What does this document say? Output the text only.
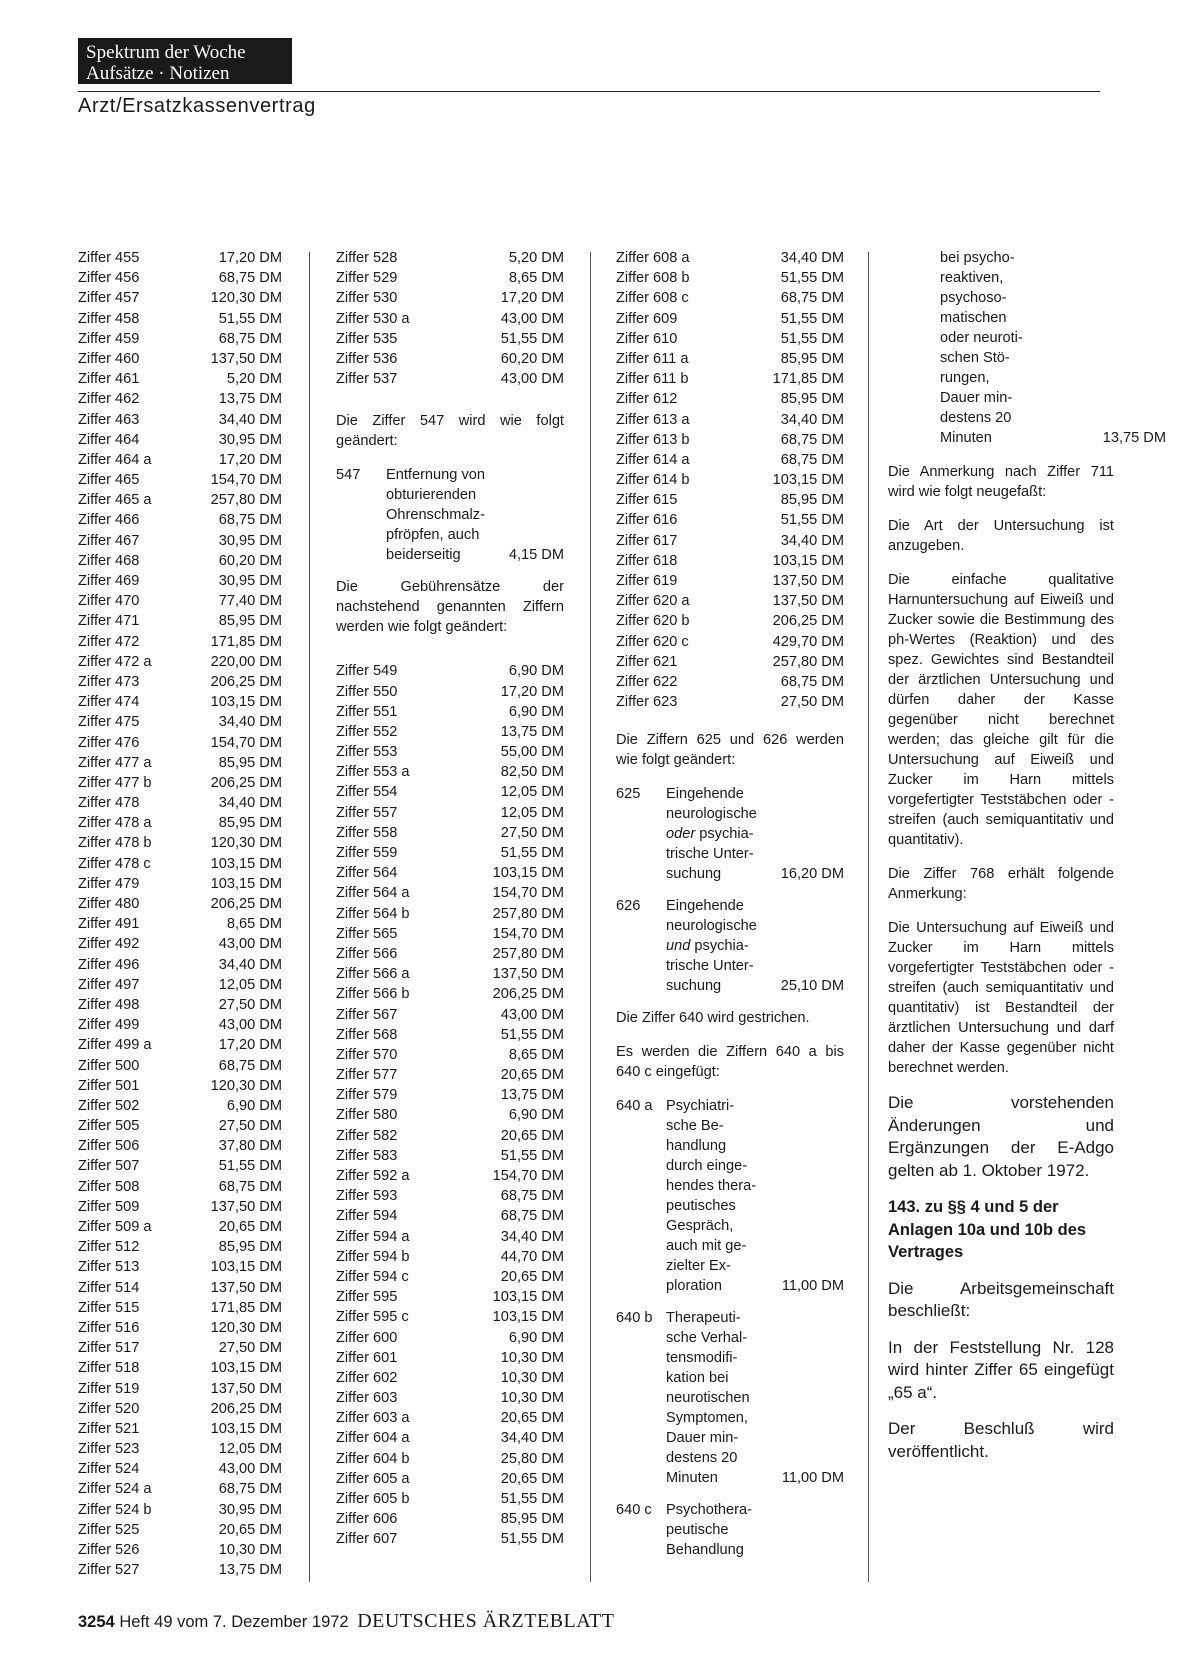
Spektrum der Woche
Aufsätze · Notizen
Arzt/Ersatzkassenvertrag
Ziffer 455	17,20 DM
Ziffer 456	68,75 DM
Ziffer 457	120,30 DM
Ziffer 458	51,55 DM
Ziffer 459	68,75 DM
Ziffer 460	137,50 DM
Ziffer 461	5,20 DM
Ziffer 462	13,75 DM
Ziffer 463	34,40 DM
Ziffer 464	30,95 DM
Ziffer 464 a	17,20 DM
Ziffer 465	154,70 DM
Ziffer 465 a	257,80 DM
Ziffer 466	68,75 DM
Ziffer 467	30,95 DM
Ziffer 468	60,20 DM
Ziffer 469	30,95 DM
Ziffer 470	77,40 DM
Ziffer 471	85,95 DM
Ziffer 472	171,85 DM
Ziffer 472 a	220,00 DM
Ziffer 473	206,25 DM
Ziffer 474	103,15 DM
Ziffer 475	34,40 DM
Ziffer 476	154,70 DM
Ziffer 477 a	85,95 DM
Ziffer 477 b	206,25 DM
Ziffer 478	34,40 DM
Ziffer 478 a	85,95 DM
Ziffer 478 b	120,30 DM
Ziffer 478 c	103,15 DM
Ziffer 479	103,15 DM
Ziffer 480	206,25 DM
Ziffer 491	8,65 DM
Ziffer 492	43,00 DM
Ziffer 496	34,40 DM
Ziffer 497	12,05 DM
Ziffer 498	27,50 DM
Ziffer 499	43,00 DM
Ziffer 499 a	17,20 DM
Ziffer 500	68,75 DM
Ziffer 501	120,30 DM
Ziffer 502	6,90 DM
Ziffer 505	27,50 DM
Ziffer 506	37,80 DM
Ziffer 507	51,55 DM
Ziffer 508	68,75 DM
Ziffer 509	137,50 DM
Ziffer 509 a	20,65 DM
Ziffer 512	85,95 DM
Ziffer 513	103,15 DM
Ziffer 514	137,50 DM
Ziffer 515	171,85 DM
Ziffer 516	120,30 DM
Ziffer 517	27,50 DM
Ziffer 518	103,15 DM
Ziffer 519	137,50 DM
Ziffer 520	206,25 DM
Ziffer 521	103,15 DM
Ziffer 523	12,05 DM
Ziffer 524	43,00 DM
Ziffer 524 a	68,75 DM
Ziffer 524 b	30,95 DM
Ziffer 525	20,65 DM
Ziffer 526	10,30 DM
Ziffer 527	13,75 DM
Ziffer 528	5,20 DM
Ziffer 529	8,65 DM
Ziffer 530	17,20 DM
Ziffer 530 a	43,00 DM
Ziffer 535	51,55 DM
Ziffer 536	60,20 DM
Ziffer 537	43,00 DM

Die Ziffer 547 wird wie folgt geändert:

547	Entfernung von
obturierenden
Ohrenschmalz-
pfröpfen, auch
beiderseitig	4,15 DM

Die Gebührensätze der nachstehend genannten Ziffern werden wie folgt geändert:

Ziffer 549	6,90 DM
Ziffer 550	17,20 DM
Ziffer 551	6,90 DM
Ziffer 552	13,75 DM
Ziffer 553	55,00 DM
Ziffer 553 a	82,50 DM
Ziffer 554	12,05 DM
Ziffer 557	12,05 DM
Ziffer 558	27,50 DM
Ziffer 559	51,55 DM
Ziffer 564	103,15 DM
Ziffer 564 a	154,70 DM
Ziffer 564 b	257,80 DM
Ziffer 565	154,70 DM
Ziffer 566	257,80 DM
Ziffer 566 a	137,50 DM
Ziffer 566 b	206,25 DM
Ziffer 567	43,00 DM
Ziffer 568	51,55 DM
Ziffer 570	8,65 DM
Ziffer 577	20,65 DM
Ziffer 579	13,75 DM
Ziffer 580	6,90 DM
Ziffer 582	20,65 DM
Ziffer 583	51,55 DM
Ziffer 592 a	154,70 DM
Ziffer 593	68,75 DM
Ziffer 594	68,75 DM
Ziffer 594 a	34,40 DM
Ziffer 594 b	44,70 DM
Ziffer 594 c	20,65 DM
Ziffer 595	103,15 DM
Ziffer 595 c	103,15 DM
Ziffer 600	6,90 DM
Ziffer 601	10,30 DM
Ziffer 602	10,30 DM
Ziffer 603	10,30 DM
Ziffer 603 a	20,65 DM
Ziffer 604 a	34,40 DM
Ziffer 604 b	25,80 DM
Ziffer 605 a	20,65 DM
Ziffer 605 b	51,55 DM
Ziffer 606	85,95 DM
Ziffer 607	51,55 DM
Ziffer 608 a	34,40 DM
Ziffer 608 b	51,55 DM
Ziffer 608 c	68,75 DM
Ziffer 609	51,55 DM
Ziffer 610	51,55 DM
Ziffer 611 a	85,95 DM
Ziffer 611 b	171,85 DM
Ziffer 612	85,95 DM
Ziffer 613 a	34,40 DM
Ziffer 613 b	68,75 DM
Ziffer 614 a	68,75 DM
Ziffer 614 b	103,15 DM
Ziffer 615	85,95 DM
Ziffer 616	51,55 DM
Ziffer 617	34,40 DM
Ziffer 618	103,15 DM
Ziffer 619	137,50 DM
Ziffer 620 a	137,50 DM
Ziffer 620 b	206,25 DM
Ziffer 620 c	429,70 DM
Ziffer 621	257,80 DM
Ziffer 622	68,75 DM
Ziffer 623	27,50 DM

Die Ziffern 625 und 626 werden wie folgt geändert:

625	Eingehende
neurologische
oder psychia-
trische Unter-
suchung	16,20 DM
626	Eingehende
neurologische
und psychia-
trische Unter-
suchung	25,10 DM

Die Ziffer 640 wird gestrichen.

Es werden die Ziffern 640 a bis 640 c eingefügt:

640 a Psychiatri-
sche Be-
handlung
durch einge-
hendes thera-
peutisches
Gespräch,
auch mit ge-
zielter Ex-
ploration	11,00 DM
640 b Therapeuti-
sche Verhal-
tensmodifi-
kation bei
neurotischen
Symptomen,
Dauer min-
destens 20
Minuten	11,00 DM
640 c Psychothera-
peutische
Behandlung
bei psycho-
reaktiven,
psychoso-
matischen
oder neuroti-
schen Stö-
rungen,
Dauer min-
destens 20
Minuten	13,75 DM

Die Anmerkung nach Ziffer 711 wird wie folgt neugefaßt:

Die Art der Untersuchung ist anzugeben.

Die einfache qualitative Harnuntersuchung auf Eiweiß und Zucker sowie die Bestimmung des ph-Wertes (Reaktion) und des spez. Gewichtes sind Bestandteil der ärztlichen Untersuchung und dürfen daher der Kasse gegenüber nicht berechnet werden; das gleiche gilt für die Untersuchung auf Eiweiß und Zucker im Harn mittels vorgefertigter Teststäbchen oder -streifen (auch semiquantitativ und quantitativ).

Die Ziffer 768 erhält folgende Anmerkung:

Die Untersuchung auf Eiweiß und Zucker im Harn mittels vorgefertigter Teststäbchen oder -streifen (auch semiquantitativ und quantitativ) ist Bestandteil der ärztlichen Untersuchung und darf daher der Kasse gegenüber nicht berechnet werden.

Die vorstehenden Änderungen und Ergänzungen der E-Adgo gelten ab 1. Oktober 1972.

143. zu §§ 4 und 5 der Anlagen 10a und 10b des Vertrages

Die Arbeitsgemeinschaft beschließt:

In der Feststellung Nr. 128 wird hinter Ziffer 65 eingefügt „65 a“.

Der Beschluß wird veröffentlicht.

3254 Heft 49 vom 7. Dezember 1972 DEUTSCHES ÄRZTEBLATT
